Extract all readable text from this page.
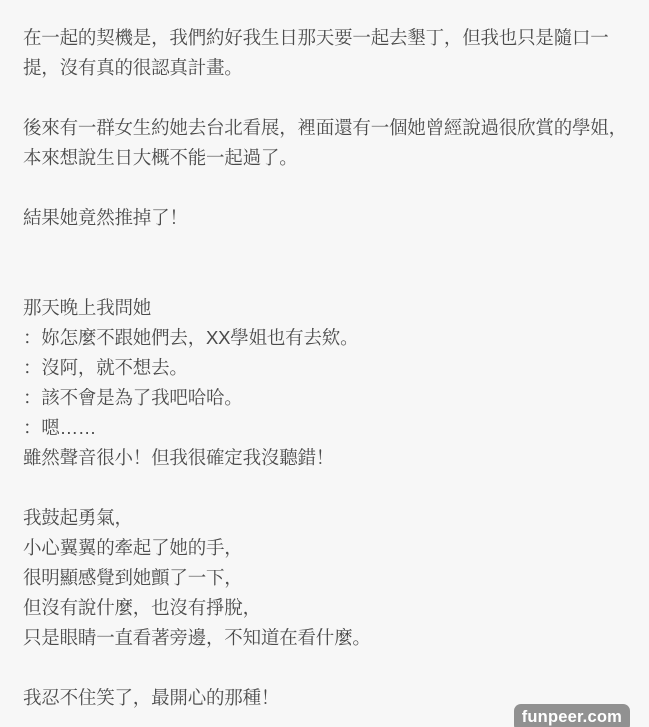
在一起的契機是，我們約好我生日那天要一起去墾丁，但我也只是隨口一
提，沒有真的很認真計畫。
後來有一群女生約她去台北看展，裡面還有一個她曾經說過很欣賞的學姐，
本來想說生日大概不能一起過了。
結果她竟然推掉了！
那天晚上我問她
：妳怎麼不跟她們去，XX學姐也有去欸。
：沒阿，就不想去。
：該不會是為了我吧哈哈。
：嗯……
雖然聲音很小！但我很確定我沒聽錯！
我鼓起勇氣，
小心翼翼的牽起了她的手，
很明顯感覺到她顫了一下，
但沒有說什麼，也沒有掙脫，
只是眼睛一直看著旁邊，不知道在看什麼。
我忍不住笑了，最開心的那種！
funpeer.com
